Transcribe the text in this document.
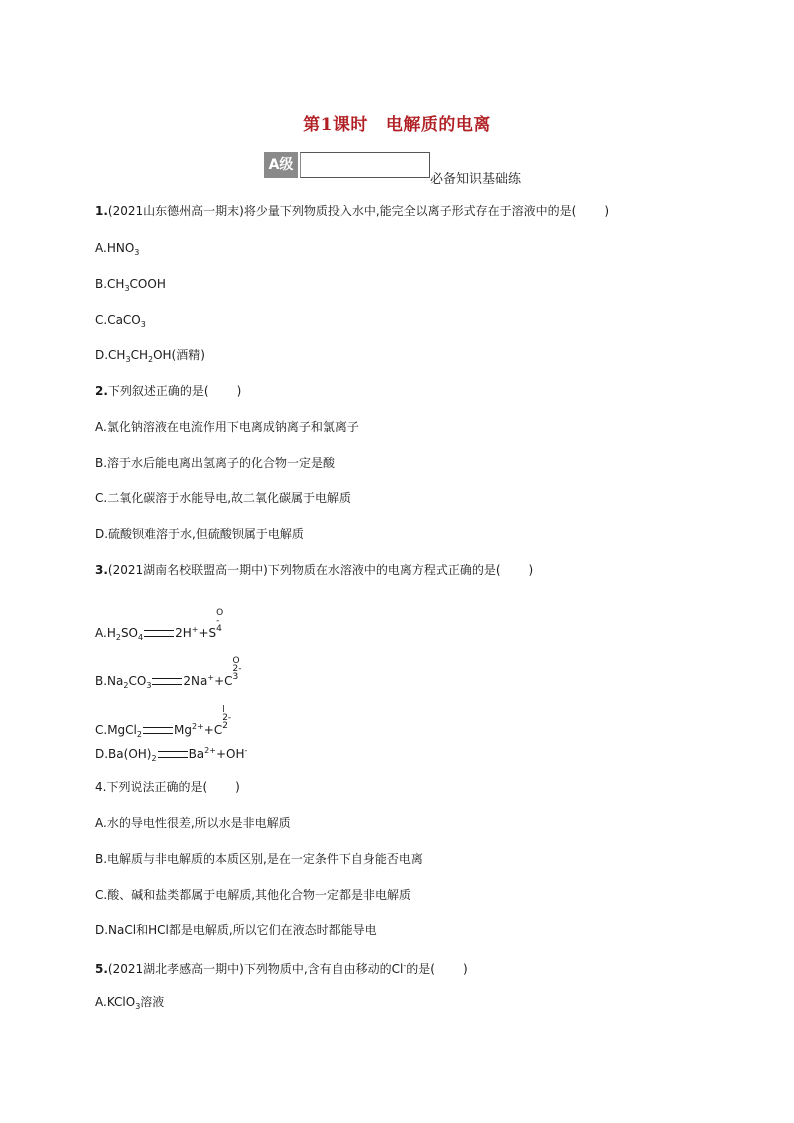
第1课时 电解质的电离
A级
必备知识基础练
1.(2021山东德州高一期末)将少量下列物质投入水中,能完全以离子形式存在于溶液中的是( )
$A.HNO_3$
$B.CH_3COOH$
C.CaCO$_3$
$D.CH_3CH_2OH$(酒精)
2.下列叙述正确的是( )
A.氯化钠溶液在电流作用下电离成钠离子和氯离子
B.溶于水后能电离出氢离子的化合物一定是酸
C.二氧化碳溶于水能导电,故二氧化碳属于电解质
D.硫酸钡难溶于水,但硫酸钡属于电解质
3.(2021湖南名校联盟高一期中)下列物质在水溶液中的电离方程式正确的是( )
$A.H_2SO_4$	2H++S
O
-
4
$B.Na_2CO_3$	2Na++C
O
2-
3
C.MgCl$_2$	$Mg^{2+}+C$
l
2-
2
$D.Ba(OH)_2$	$Ba^{2+}+OH^-$
4.下列说法正确的是( )
A.水的导电性很差,所以水是非电解质
B.电解质与非电解质的本质区别,是在一定条件下自身能否电离
C.酸、碱和盐类都属于电解质,其他化合物一定都是非电解质
D.NaCl和HCl都是电解质,所以它们在液态时都能导电
5.(2021湖北孝感高一期中)下列物质中,含有自由移动的Cl-的是( )
A.KClO$_3$溶液
